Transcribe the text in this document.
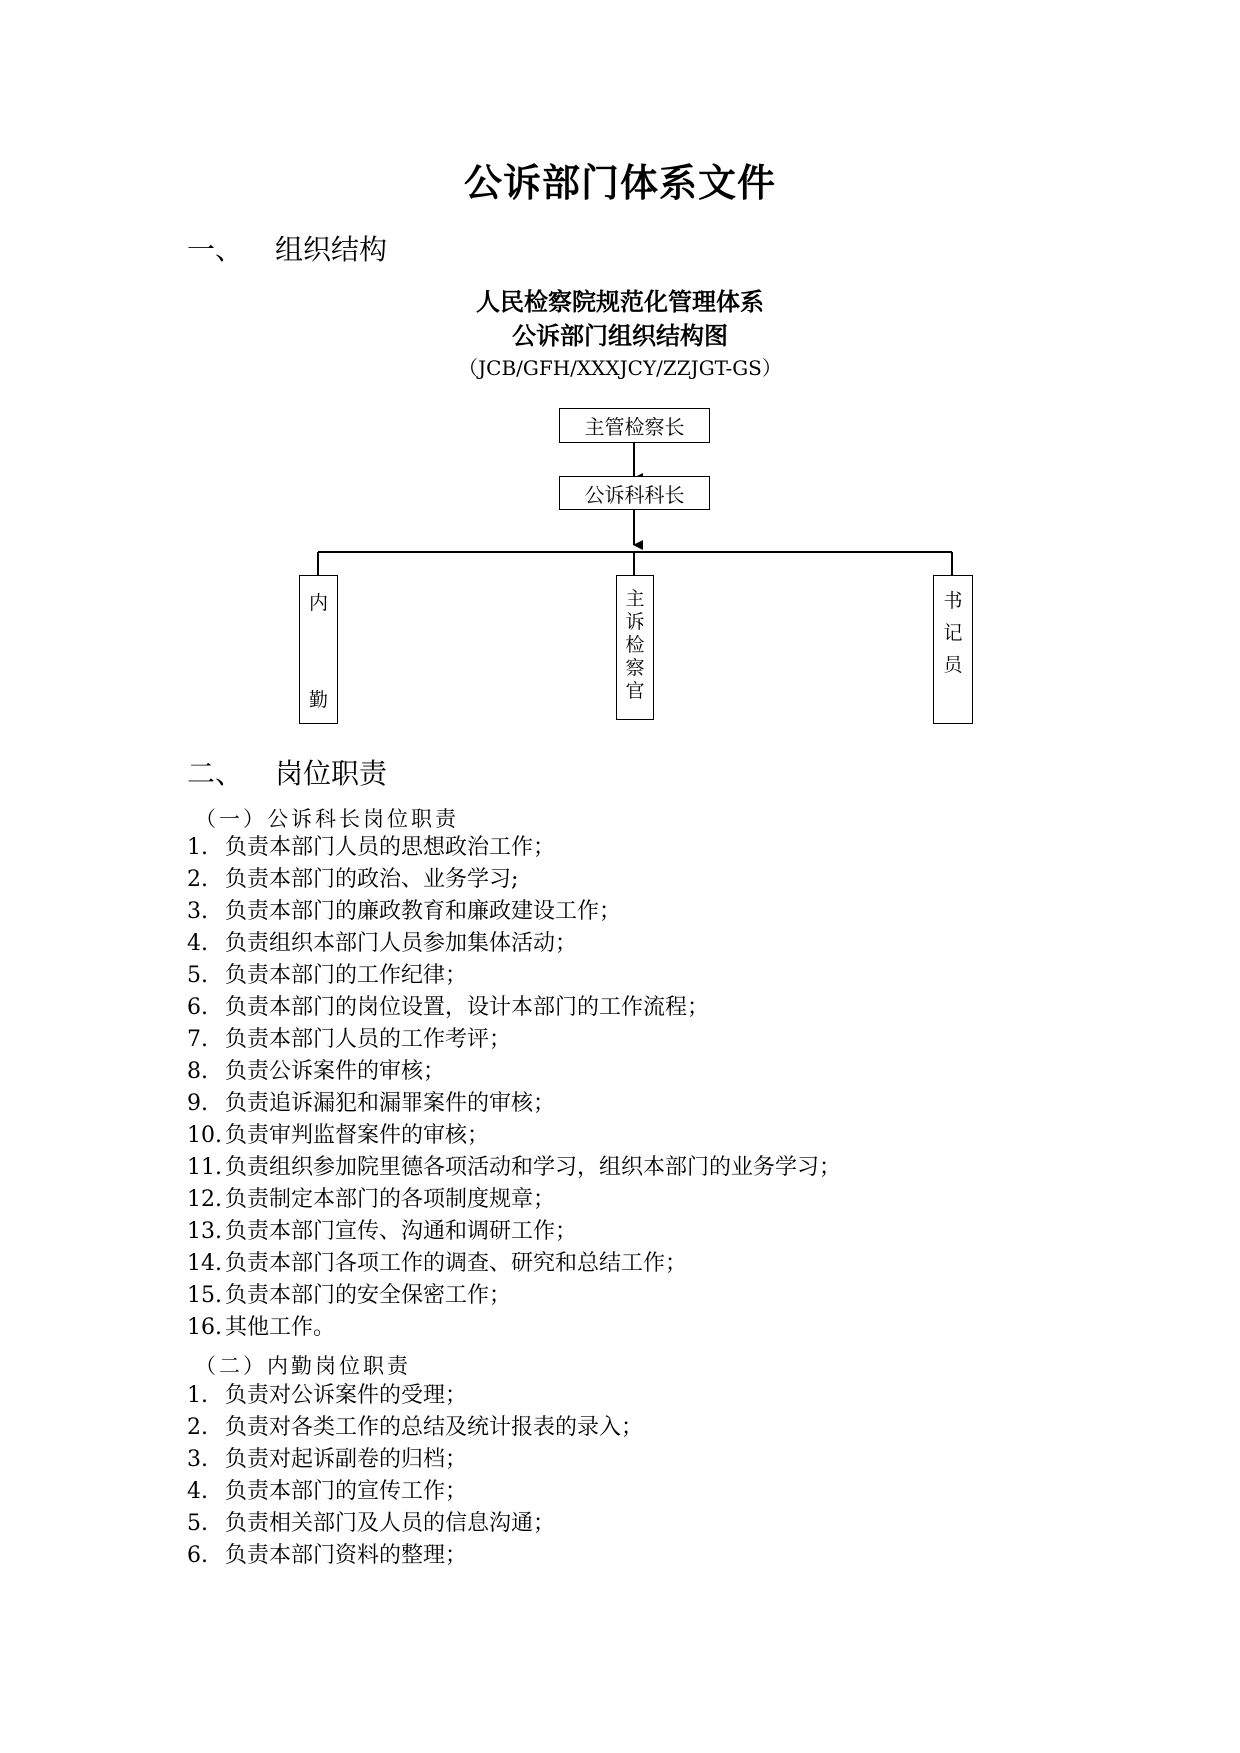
公诉部门体系文件
一、 组织结构
人民检察院规范化管理体系
公诉部门组织结构图
（JCB/GFH/XXXJCY/ZZJGT-GS）
主管检察长
公诉科科长
内
勤
主
诉
检
察
官
书
记
员
二、 岗位职责
（一）公诉科长岗位职责
1. 负责本部门人员的思想政治工作；
2. 负责本部门的政治、业务学习;
3. 负责本部门的廉政教育和廉政建设工作；
4. 负责组织本部门人员参加集体活动；
5. 负责本部门的工作纪律；
6. 负责本部门的岗位设置，设计本部门的工作流程；
7. 负责本部门人员的工作考评；
8. 负责公诉案件的审核；
9. 负责追诉漏犯和漏罪案件的审核；
10. 负责审判监督案件的审核；
11. 负责组织参加院里德各项活动和学习，组织本部门的业务学习；
12. 负责制定本部门的各项制度规章；
13. 负责本部门宣传、沟通和调研工作；
14. 负责本部门各项工作的调查、研究和总结工作；
15. 负责本部门的安全保密工作；
16. 其他工作。
（二）内勤岗位职责
1. 负责对公诉案件的受理；
2. 负责对各类工作的总结及统计报表的录入；
3. 负责对起诉副卷的归档；
4. 负责本部门的宣传工作；
5. 负责相关部门及人员的信息沟通；
6. 负责本部门资料的整理；
